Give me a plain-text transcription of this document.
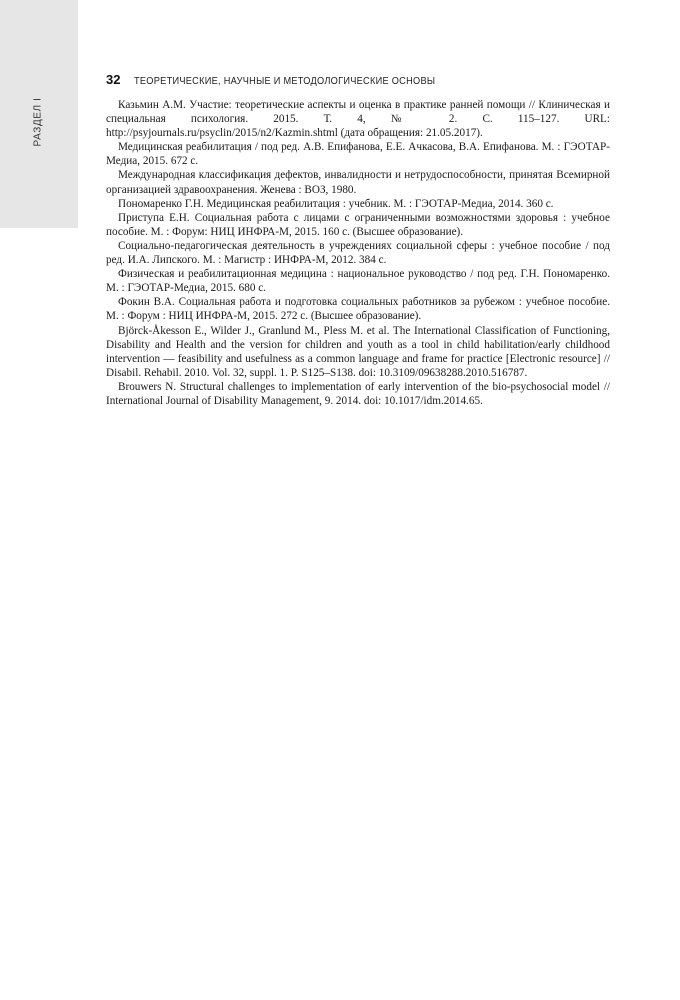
РАЗДЕЛ I
32 ТЕОРЕТИЧЕСКИЕ, НАУЧНЫЕ И МЕТОДОЛОГИЧЕСКИЕ ОСНОВЫ

Казьмин А.М. Участие: теоретические аспекты и оценка в практике ранней помощи // Клиническая и специальная психология. 2015. Т. 4, № 2. С. 115–127. URL: http://psyjournals.ru/psyclin/2015/n2/Kazmin.shtml (дата обращения: 21.05.2017).

Медицинская реабилитация / под ред. А.В. Епифанова, Е.Е. Ачкасова, В.А. Епифанова. М. : ГЭОТАР-Медиа, 2015. 672 с.

Международная классификация дефектов, инвалидности и нетрудоспособности, принятая Всемирной организацией здравоохранения. Женева : ВОЗ, 1980.

Пономаренко Г.Н. Медицинская реабилитация : учебник. М. : ГЭОТАР-Медиа, 2014. 360 с.

Приступа Е.Н. Социальная работа с лицами с ограниченными возможностями здоровья : учебное пособие. М. : Форум: НИЦ ИНФРА-М, 2015. 160 с. (Высшее образование).

Социально-педагогическая деятельность в учреждениях социальной сферы : учебное пособие / под ред. И.А. Липского. М. : Магистр : ИНФРА-М, 2012. 384 с.

Физическая и реабилитационная медицина : национальное руководство / под ред. Г.Н. Пономаренко. М. : ГЭОТАР-Медиа, 2015. 680 с.

Фокин В.А. Социальная работа и подготовка социальных работников за рубежом : учебное пособие. М. : Форум : НИЦ ИНФРА-М, 2015. 272 с. (Высшее образование).

Björck-Åkesson E., Wilder J., Granlund M., Pless M. et al. The International Classification of Functioning, Disability and Health and the version for children and youth as a tool in child habilitation/early childhood intervention — feasibility and usefulness as a common language and frame for practice [Electronic resource] // Disabil. Rehabil. 2010. Vol. 32, suppl. 1. P. S125–S138. doi: 10.3109/09638288.2010.516787.

Brouwers N. Structural challenges to implementation of early intervention of the bio-psychosocial model // International Journal of Disability Management, 9. 2014. doi: 10.1017/idm.2014.65.
